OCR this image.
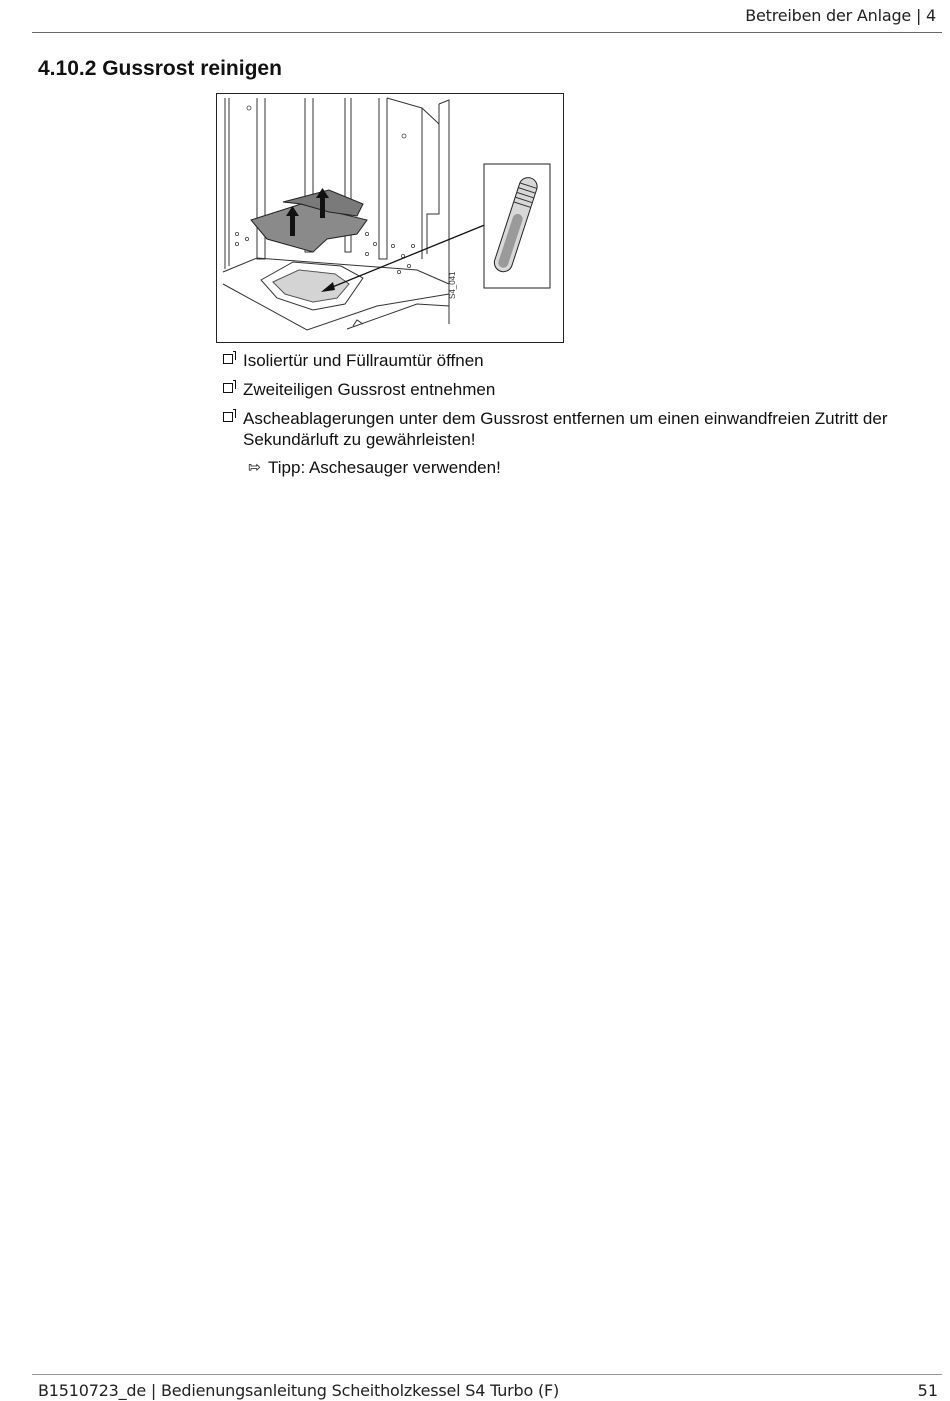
Betreiben der Anlage | 4
4.10.2 Gussrost reinigen
S4_041
Isoliertür und Füllraumtür öffnen
Zweiteiligen Gussrost entnehmen
Ascheablagerungen unter dem Gussrost entfernen um einen einwandfreien Zutritt der Sekundärluft zu gewährleisten!
⇰ Tipp: Aschesauger verwenden!
B1510723_de | Bedienungsanleitung Scheitholzkessel S4 Turbo (F)	51
